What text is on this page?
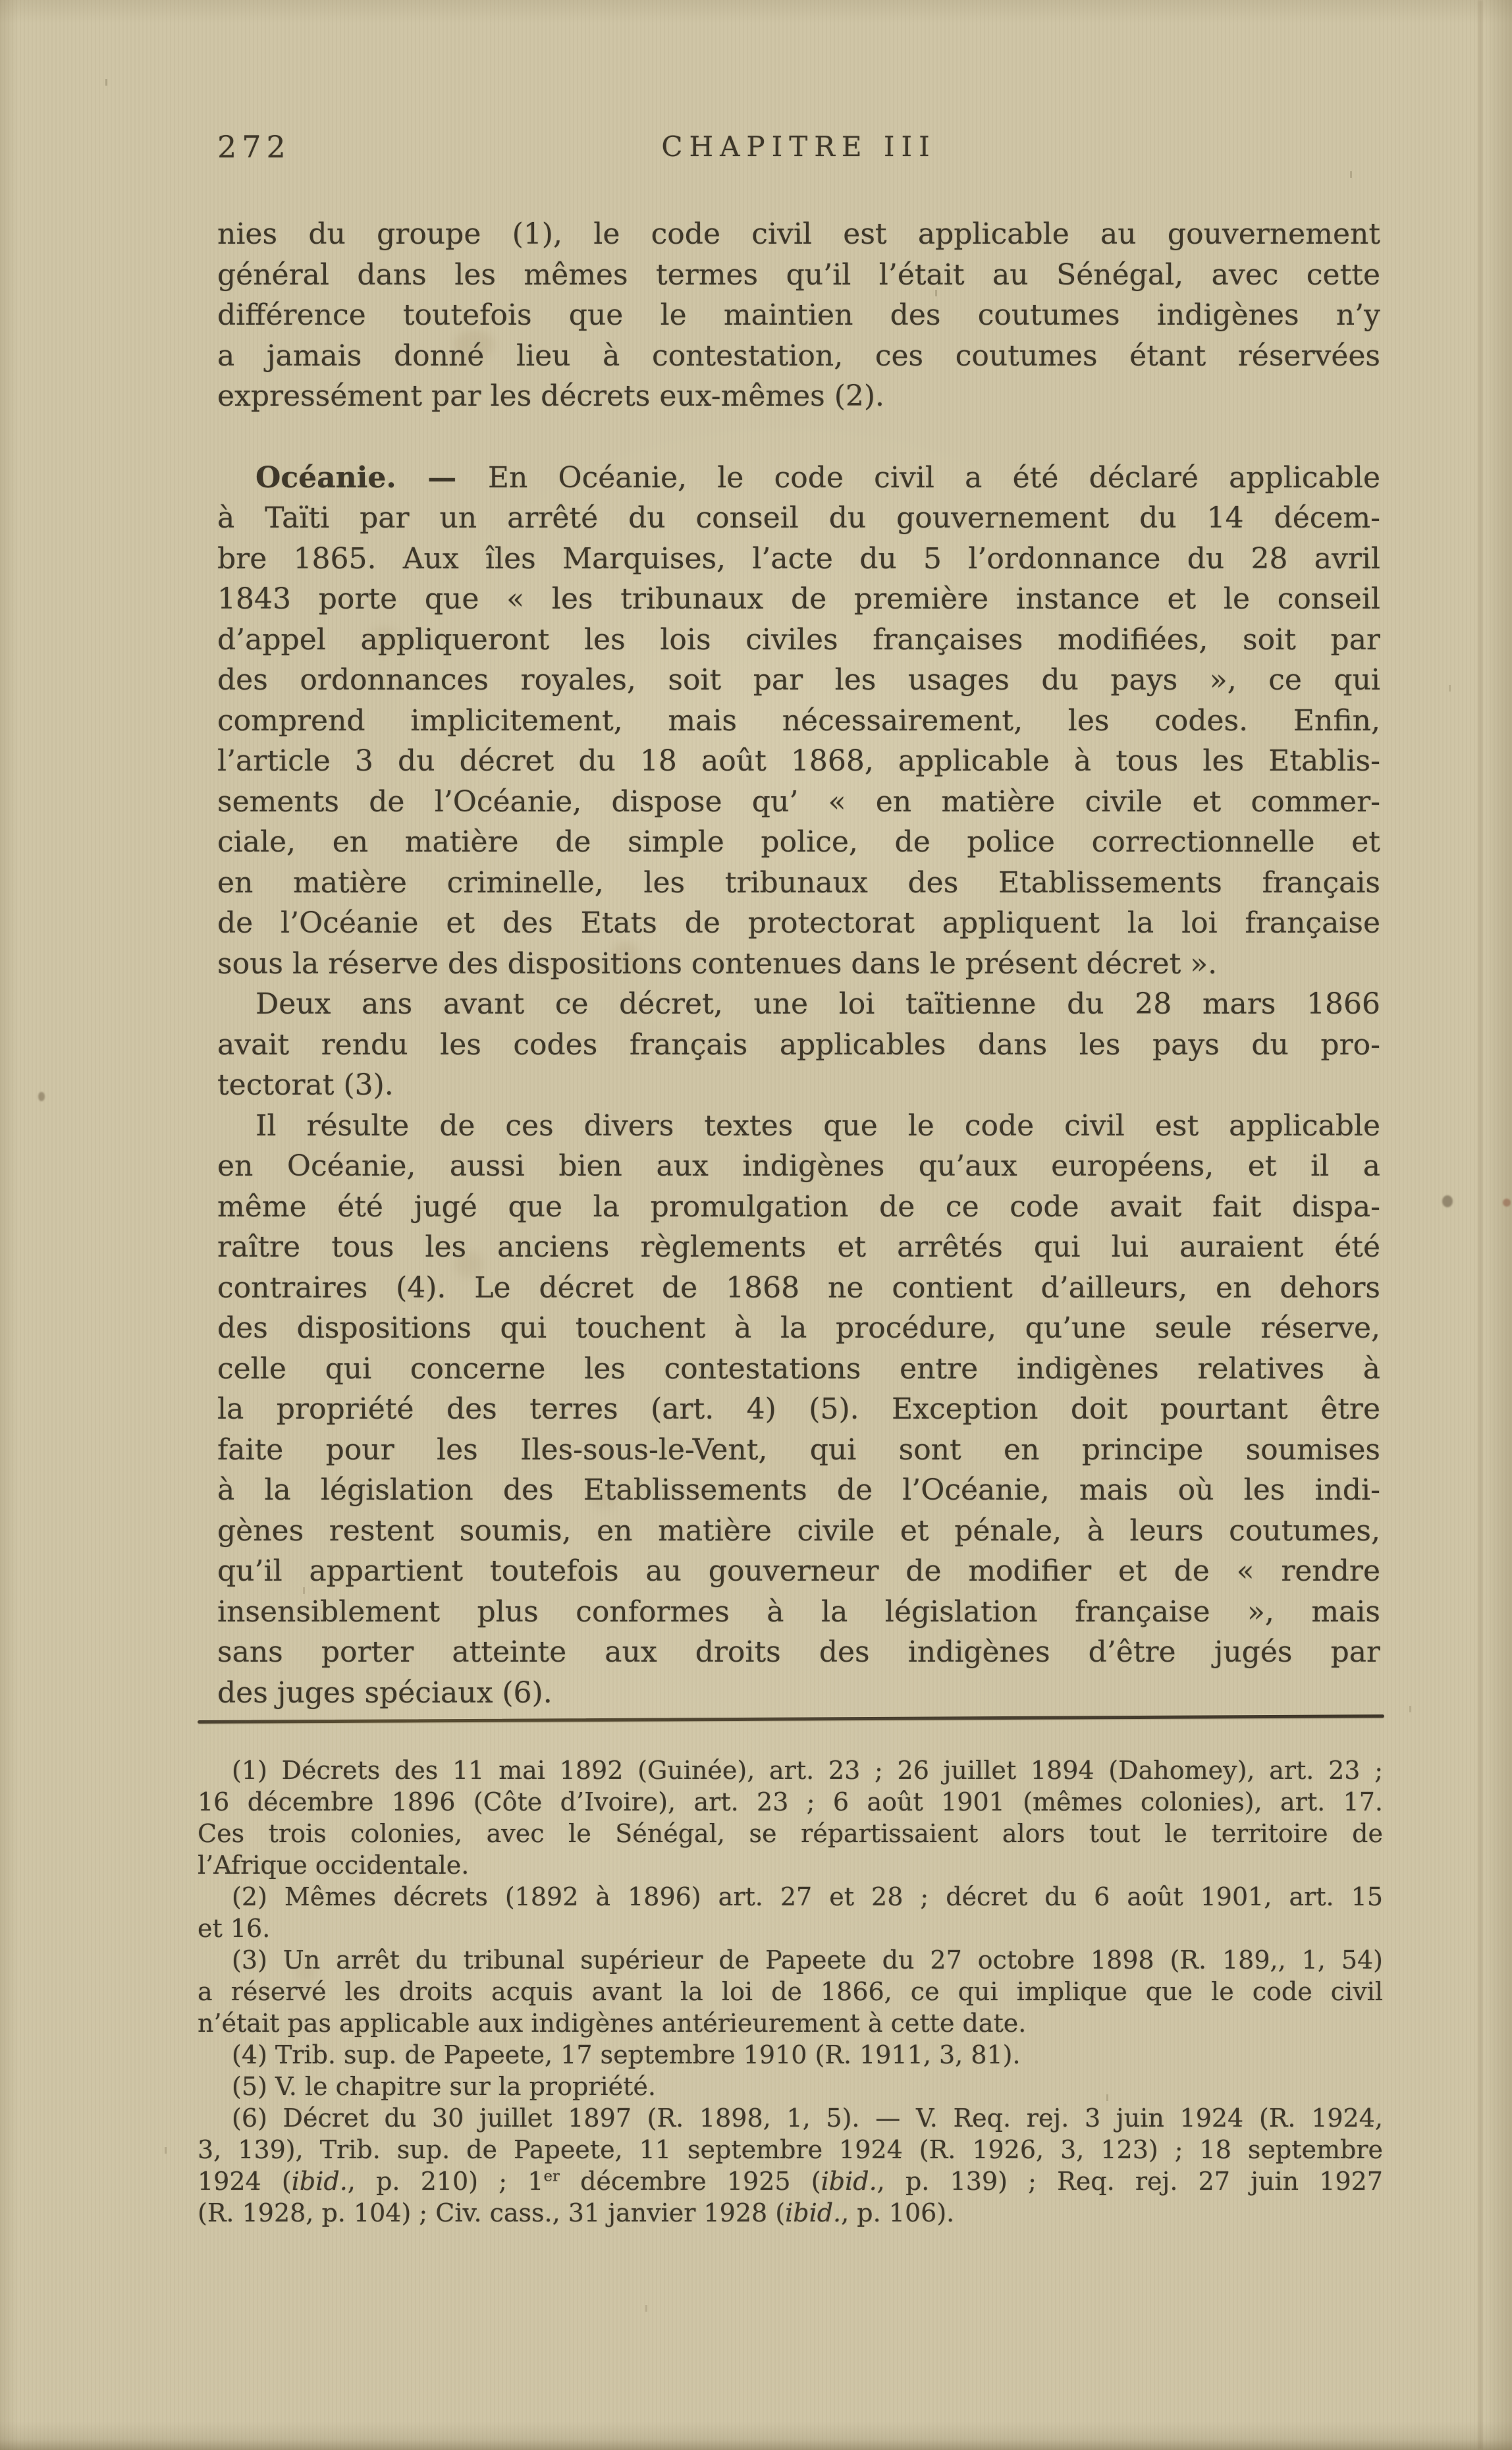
272	CHAPITRE III
nies du groupe (1), le code civil est applicable au gouvernement
général dans les mêmes termes qu’il l’était au Sénégal, avec cette
différence toutefois que le maintien des coutumes indigènes n’y
a jamais donné lieu à contestation, ces coutumes étant réservées
expressément par les décrets eux-mêmes (2).
Océanie. — En Océanie, le code civil a été déclaré applicable
à Taïti par un arrêté du conseil du gouvernement du 14 décem-
bre 1865. Aux îles Marquises, l’acte du 5 l’ordonnance du 28 avril
1843 porte que « les tribunaux de première instance et le conseil
d’appel appliqueront les lois civiles françaises modifiées, soit par
des ordonnances royales, soit par les usages du pays », ce qui
comprend implicitement, mais nécessairement, les codes. Enfin,
l’article 3 du décret du 18 août 1868, applicable à tous les Etablis-
sements de l’Océanie, dispose qu’ « en matière civile et commer-
ciale, en matière de simple police, de police correctionnelle et
en matière criminelle, les tribunaux des Etablissements français
de l’Océanie et des Etats de protectorat appliquent la loi française
sous la réserve des dispositions contenues dans le présent décret ».
Deux ans avant ce décret, une loi taïtienne du 28 mars 1866
avait rendu les codes français applicables dans les pays du pro-
tectorat (3).
Il résulte de ces divers textes que le code civil est applicable
en Océanie, aussi bien aux indigènes qu’aux européens, et il a
même été jugé que la promulgation de ce code avait fait dispa-
raître tous les anciens règlements et arrêtés qui lui auraient été
contraires (4). Le décret de 1868 ne contient d’ailleurs, en dehors
des dispositions qui touchent à la procédure, qu’une seule réserve,
celle qui concerne les contestations entre indigènes relatives à
la propriété des terres (art. 4) (5). Exception doit pourtant être
faite pour les Iles-sous-le-Vent, qui sont en principe soumises
à la législation des Etablissements de l’Océanie, mais où les indi-
gènes restent soumis, en matière civile et pénale, à leurs coutumes,
qu’il appartient toutefois au gouverneur de modifier et de « rendre
insensiblement plus conformes à la législation française », mais
sans porter atteinte aux droits des indigènes d’être jugés par
des juges spéciaux (6).
(1) Décrets des 11 mai 1892 (Guinée), art. 23 ; 26 juillet 1894 (Dahomey), art. 23 ;
16 décembre 1896 (Côte d’Ivoire), art. 23 ; 6 août 1901 (mêmes colonies), art. 17.
Ces trois colonies, avec le Sénégal, se répartissaient alors tout le territoire de
l’Afrique occidentale.
(2) Mêmes décrets (1892 à 1896) art. 27 et 28 ; décret du 6 août 1901, art. 15
et 16.
(3) Un arrêt du tribunal supérieur de Papeete du 27 octobre 1898 (R. 189,, 1, 54)
a réservé les droits acquis avant la loi de 1866, ce qui implique que le code civil
n’était pas applicable aux indigènes antérieurement à cette date.
(4) Trib. sup. de Papeete, 17 septembre 1910 (R. 1911, 3, 81).
(5) V. le chapitre sur la propriété.
(6) Décret du 30 juillet 1897 (R. 1898, 1, 5). — V. Req. rej. 3 juin 1924 (R. 1924,
3, 139), Trib. sup. de Papeete, 11 septembre 1924 (R. 1926, 3, 123) ; 18 septembre
1924 (ibid., p. 210) ; 1er décembre 1925 (ibid., p. 139) ; Req. rej. 27 juin 1927
(R. 1928, p. 104) ; Civ. cass., 31 janvier 1928 (ibid., p. 106).
